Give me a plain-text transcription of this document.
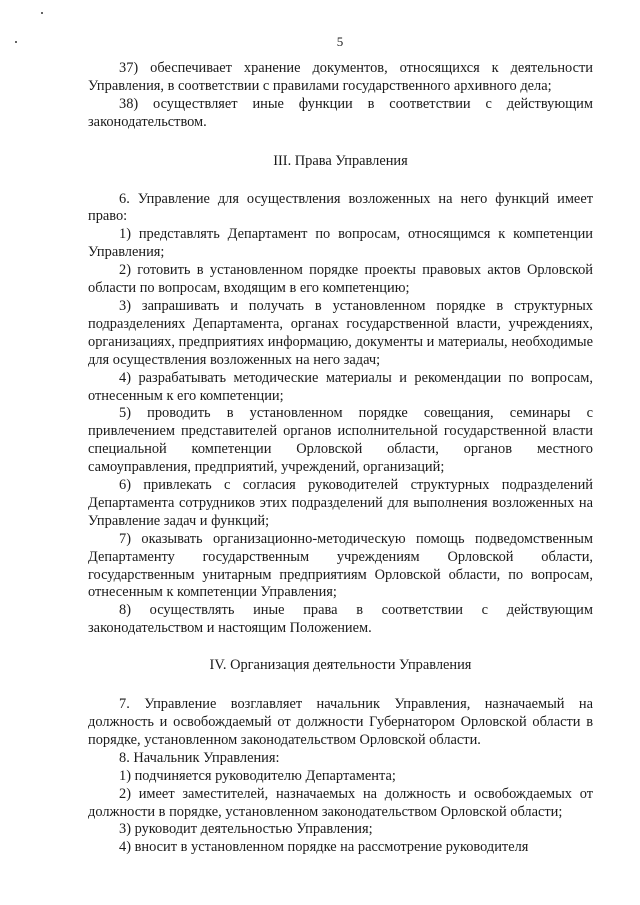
5

37) обеспечивает хранение документов, относящихся к деятельности Управления, в соответствии с правилами государственного архивного дела;

38) осуществляет иные функции в соответствии с действующим законодательством.

III. Права Управления

6. Управление для осуществления возложенных на него функций имеет право:

1) представлять Департамент по вопросам, относящимся к компетенции Управления;

2) готовить в установленном порядке проекты правовых актов Орловской области по вопросам, входящим в его компетенцию;

3) запрашивать и получать в установленном порядке в структурных подразделениях Департамента, органах государственной власти, учреждениях, организациях, предприятиях информацию, документы и материалы, необходимые для осуществления возложенных на него задач;

4) разрабатывать методические материалы и рекомендации по вопросам, отнесенным к его компетенции;

5) проводить в установленном порядке совещания, семинары с привлечением представителей органов исполнительной государственной власти специальной компетенции Орловской области, органов местного самоуправления, предприятий, учреждений, организаций;

6) привлекать с согласия руководителей структурных подразделений Департамента сотрудников этих подразделений для выполнения возложенных на Управление задач и функций;

7) оказывать организационно-методическую помощь подведомственным Департаменту государственным учреждениям Орловской области, государственным унитарным предприятиям Орловской области, по вопросам, отнесенным к компетенции Управления;

8) осуществлять иные права в соответствии с действующим законодательством и настоящим Положением.

IV. Организация деятельности Управления

7. Управление возглавляет начальник Управления, назначаемый на должность и освобождаемый от должности Губернатором Орловской области в порядке, установленном законодательством Орловской области.

8. Начальник Управления:

1) подчиняется руководителю Департамента;

2) имеет заместителей, назначаемых на должность и освобождаемых от должности в порядке, установленном законодательством Орловской области;

3) руководит деятельностью Управления;

4) вносит в установленном порядке на рассмотрение руководителя
